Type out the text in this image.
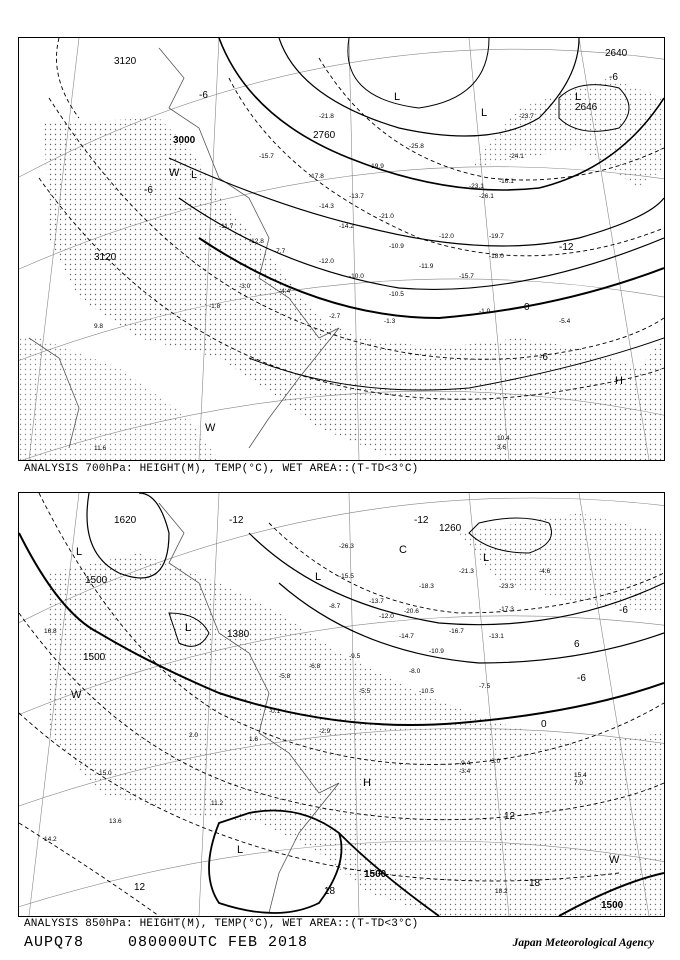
3120
3000	2760
2640
2646
3120
0
-6
-12
-6
-6
-6	L
L
L
H
L
W
W
-15.7
-17.8
-13.7
-14.3
-21.0
-25.8
-10.9
-12.0
-11.9
-18.0
-26.1
-19.7
-15.7
-10.5
-12.0
-5.4
-1.3
-1.0
-2.7
-3.0
-1.8
-4.4
9.8
11.6
10.4
3.6
-11.7
-12.8
-7.7
-24.1
-23.1
-16.1
-14.2
-21.8
-19.9
-10.0
-23.7
ANALYSIS 700hPa: HEIGHT(M), TEMP(°C), WET AREA::(T-TD<3°C)
1620
1500
1500
1380
1260
1500
1500
-12
0
-6
12
18
18
12
6
-6
-12
L
L
L
C
L
H
L
W
W
-15.5
-13.7
-18.3
-21.3
-23.3
-17.3
-13.1
-9.5
-14.7
-7.5
-3.0
-2.9
-10.5
-5.5
-8.7
-6.8
15.0	15.4
7.0
18.2
11.2
13.6
14.2
16.8
-9.4
-3.4
1.6
2.0
-5.8
-12.0
-8.0
-10.9
-26.3
-20.6
-16.7
-4.6
-0.1
ANALYSIS 850hPa: HEIGHT(M), TEMP(°C), WET AREA::(T-TD<3°C)
AUPQ78	080000UTC FEB 2018	Japan Meteorological Agency
